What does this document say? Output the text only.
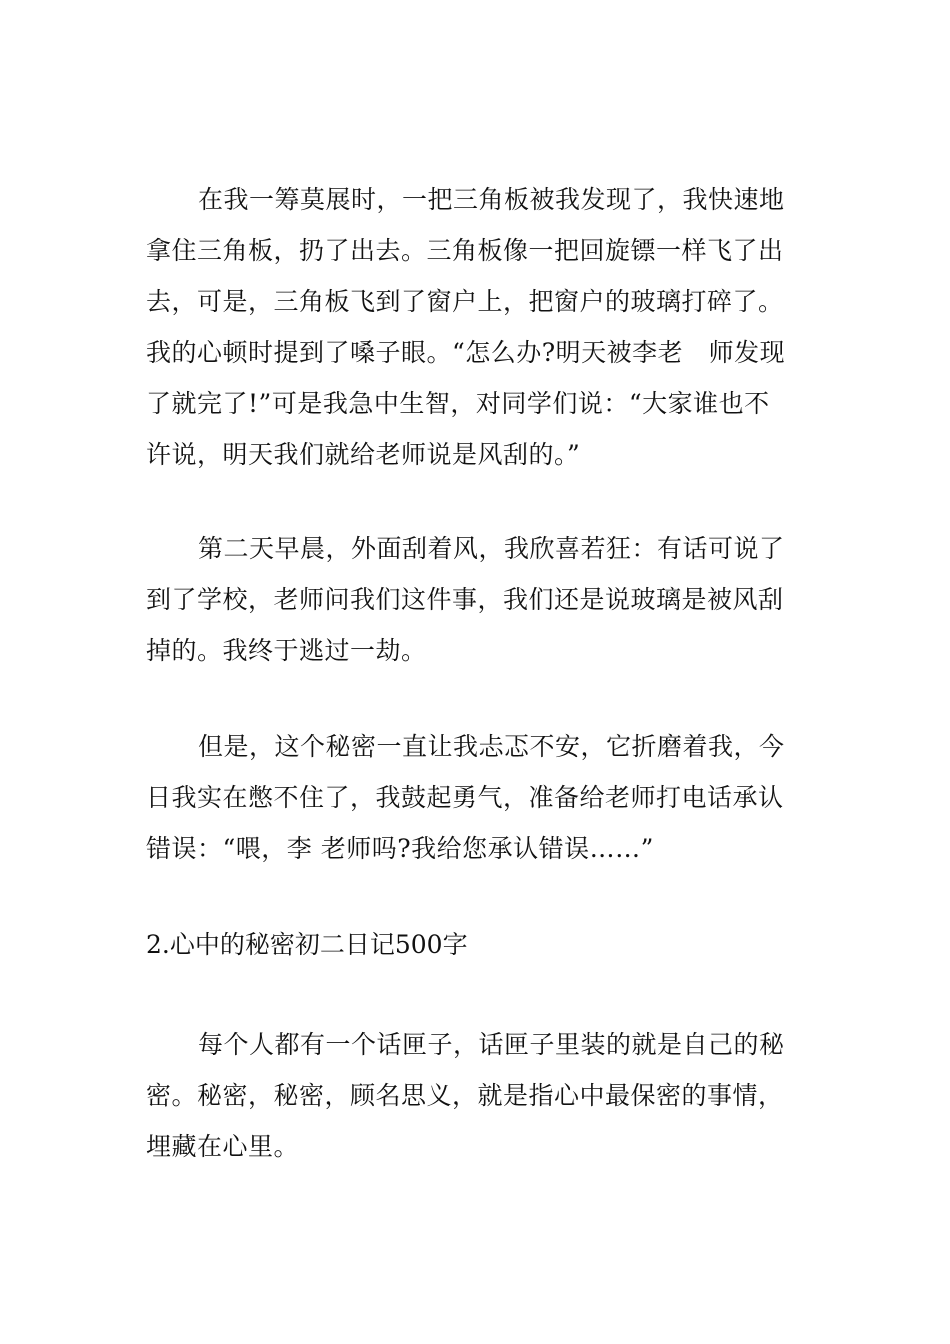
在我一筹莫展时，一把三角板被我发现了，我快速地
拿住三角板，扔了出去。三角板像一把回旋镖一样飞了出
去，可是，三角板飞到了窗户上，把窗户的玻璃打碎了。
我的心顿时提到了嗓子眼。“怎么办?明天被李老　师发现
了就完了!”可是我急中生智，对同学们说：“大家谁也不
许说，明天我们就给老师说是风刮的。”
第二天早晨，外面刮着风，我欣喜若狂：有话可说了
到了学校，老师问我们这件事，我们还是说玻璃是被风刮
掉的。我终于逃过一劫。
但是，这个秘密一直让我忐忑不安，它折磨着我，今
日我实在憋不住了，我鼓起勇气，准备给老师打电话承认
错误：“喂，李 老师吗?我给您承认错误……”
2.心中的秘密初二日记500字
每个人都有一个话匣子，话匣子里装的就是自己的秘
密。秘密，秘密，顾名思义，就是指心中最保密的事情，
埋藏在心里。
